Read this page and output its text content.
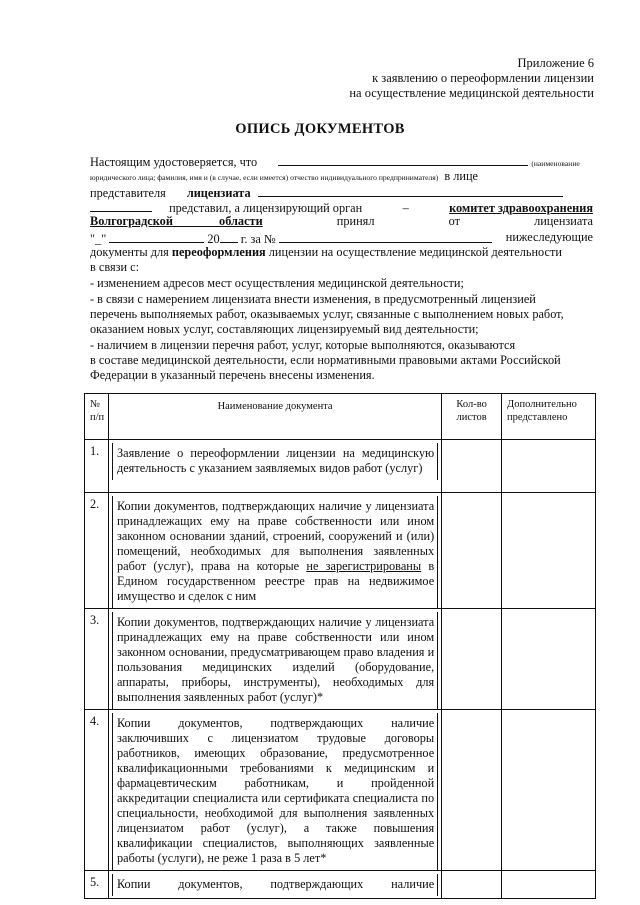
Приложение 6
к заявлению о переоформлении лицензии
на осуществление медицинской деятельности
ОПИСЬ ДОКУМЕНТОВ
Настоящим удостоверяется, что	(наименование
юридического лица; фамилия, имя и (в случае, если имеется) отчество индивидуального предпринимателя) в лице
представителя лицензиата
представил, а лицензирующий орган	–	комитет здравоохранения
Волгоградской	области	принял	от	лицензиата
"_"	20 г. за №	нижеследующие
документы для переоформления лицензии на осуществление медицинской деятельности
в связи с:
- изменением адресов мест осуществления медицинской деятельности;
- в связи с намерением лицензиата внести изменения, в предусмотренный лицензией
перечень выполняемых работ, оказываемых услуг, связанные с выполнением новых работ,
оказанием новых услуг, составляющих лицензируемый вид деятельности;
- наличием в лицензии перечня работ, услуг, которые выполняются, оказываются
в составе медицинской деятельности, если нормативными правовыми актами Российской
Федерации в указанный перечень внесены изменения.
№ п/п	Наименование документа	Кол-во листов	Дополнительно представлено
1.	Заявление о переоформлении лицензии на медицинскую деятельность с указанием заявляемых видов работ (услуг)		

2.	Копии документов, подтверждающих наличие у лицензиата принадлежащих ему на праве собственности или ином законном основании зданий, строений, сооружений и (или) помещений, необходимых для выполнения заявленных работ (услуг), права на которые не зарегистрированы в Едином государственном реестре прав на недвижимое имущество и сделок с ним		

3.	Копии документов, подтверждающих наличие у лицензиата принадлежащих ему на праве собственности или ином законном основании, предусматривающем право владения и пользования медицинских изделий (оборудование, аппараты, приборы, инструменты), необходимых для выполнения заявленных работ (услуг)*		

4.	Копии документов, подтверждающих наличие заключивших с лицензиатом трудовые договоры работников, имеющих образование, предусмотренное квалификационными требованиями к медицинским и фармацевтическим работникам, и пройденной аккредитации специалиста или сертификата специалиста по специальности, необходимой для выполнения заявленных лицензиатом работ (услуг), а также повышения квалификации специалистов, выполняющих заявленные работы (услуги), не реже 1 раза в 5 лет*		

5.	Копии документов, подтверждающих наличие		
